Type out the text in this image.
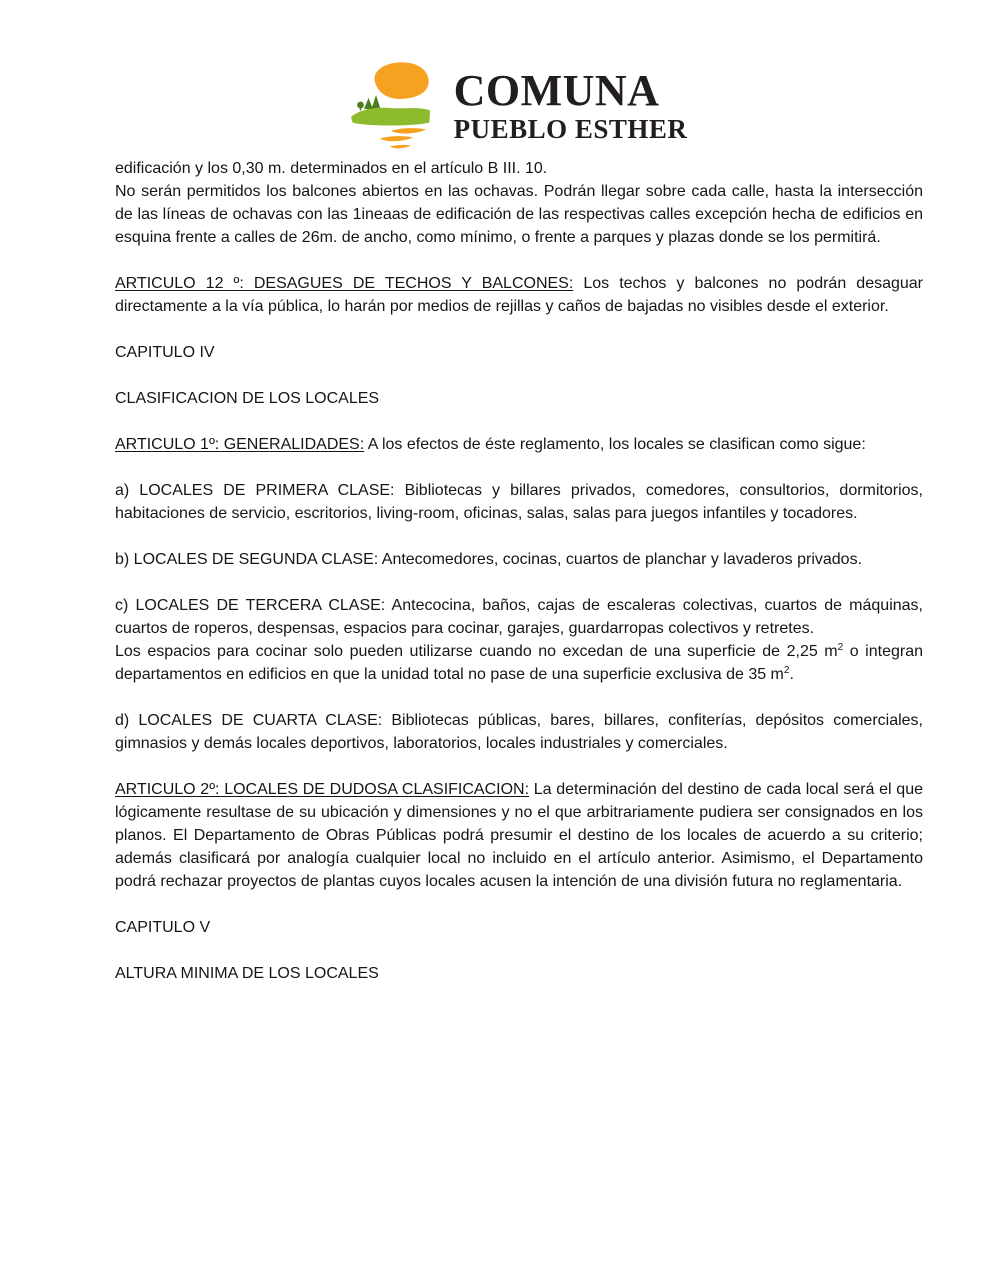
COMUNA
PUEBLO ESTHER

edificación y los 0,30 m. determinados en el artículo B III. 10.

No serán permitidos los balcones abiertos en las ochavas. Podrán llegar sobre cada calle, hasta la intersección de las líneas de ochavas con las 1ineaas de edificación de las respectivas calles excepción hecha de edificios en esquina frente a calles de 26m. de ancho, como mínimo, o frente a parques y plazas donde se los permitirá.

ARTICULO 12 º: DESAGUES DE TECHOS Y BALCONES: Los techos y balcones no podrán desaguar directamente a la vía pública, lo harán por medios de rejillas y caños de bajadas no visibles desde el exterior.

CAPITULO IV

CLASIFICACION DE LOS LOCALES

ARTICULO 1º: GENERALIDADES: A los efectos de éste reglamento, los locales se clasifican como sigue:

a) LOCALES DE PRIMERA CLASE: Bibliotecas y billares privados, comedores, consultorios, dormitorios, habitaciones de servicio, escritorios, living-room, oficinas, salas, salas para juegos infantiles y tocadores.

b) LOCALES DE SEGUNDA CLASE: Antecomedores, cocinas, cuartos de planchar y lavaderos privados.

c) LOCALES DE TERCERA CLASE: Antecocina, baños, cajas de escaleras colectivas, cuartos de máquinas, cuartos de roperos, despensas, espacios para cocinar, garajes, guardarropas colectivos y retretes.

Los espacios para cocinar solo pueden utilizarse cuando no excedan de una superficie de 2,25 $m^2$ o integran departamentos en edificios en que la unidad total no pase de una superficie exclusiva de 35 $m^2$.

d) LOCALES DE CUARTA CLASE: Bibliotecas públicas, bares, billares, confiterías, depósitos comerciales, gimnasios y demás locales deportivos, laboratorios, locales industriales y comerciales.

ARTICULO 2º: LOCALES DE DUDOSA CLASIFICACION: La determinación del destino de cada local será el que lógicamente resultase de su ubicación y dimensiones y no el que arbitrariamente pudiera ser consignados en los planos. El Departamento de Obras Públicas podrá presumir el destino de los locales de acuerdo a su criterio; además clasificará por analogía cualquier local no incluido en el artículo anterior. Asimismo, el Departamento podrá rechazar proyectos de plantas cuyos locales acusen la intención de una división futura no reglamentaria.

CAPITULO V

ALTURA MINIMA DE LOS LOCALES
